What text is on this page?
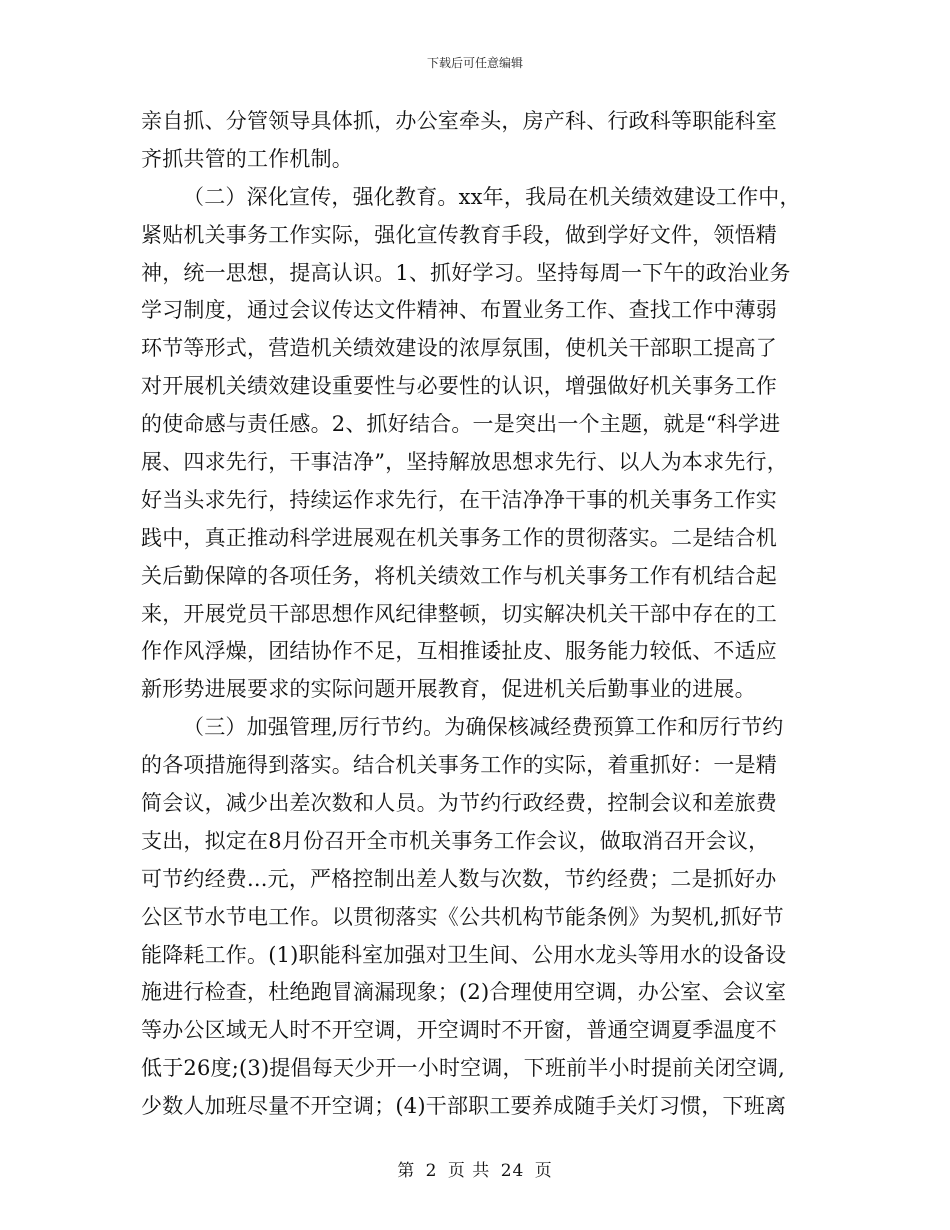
下载后可任意编辑
亲自抓、分管领导具体抓，办公室牵头，房产科、行政科等职能科室
齐抓共管的工作机制。
（二）深化宣传，强化教育。xx年，我局在机关绩效建设工作中，
紧贴机关事务工作实际，强化宣传教育手段，做到学好文件，领悟精
神，统一思想，提高认识。1、抓好学习。坚持每周一下午的政治业务
学习制度，通过会议传达文件精神、布置业务工作、查找工作中薄弱
环节等形式，营造机关绩效建设的浓厚氛围，使机关干部职工提高了
对开展机关绩效建设重要性与必要性的认识，增强做好机关事务工作
的使命感与责任感。2、抓好结合。一是突出一个主题，就是“科学进
展、四求先行，干事洁净”，坚持解放思想求先行、以人为本求先行，
好当头求先行，持续运作求先行，在干洁净净干事的机关事务工作实
践中，真正推动科学进展观在机关事务工作的贯彻落实。二是结合机
关后勤保障的各项任务，将机关绩效工作与机关事务工作有机结合起
来，开展党员干部思想作风纪律整顿，切实解决机关干部中存在的工
作作风浮燥，团结协作不足，互相推诿扯皮、服务能力较低、不适应
新形势进展要求的实际问题开展教育，促进机关后勤事业的进展。
（三）加强管理,厉行节约。为确保核减经费预算工作和厉行节约
的各项措施得到落实。结合机关事务工作的实际，着重抓好：一是精
简会议，减少出差次数和人员。为节约行政经费，控制会议和差旅费
支出，拟定在8月份召开全市机关事务工作会议，做取消召开会议，
可节约经费...元，严格控制出差人数与次数，节约经费；二是抓好办
公区节水节电工作。以贯彻落实《公共机构节能条例》为契机,抓好节
能降耗工作。(1)职能科室加强对卫生间、公用水龙头等用水的设备设
施进行检查，杜绝跑冒滴漏现象；(2)合理使用空调，办公室、会议室
等办公区域无人时不开空调，开空调时不开窗，普通空调夏季温度不
低于26度;(3)提倡每天少开一小时空调，下班前半小时提前关闭空调,
少数人加班尽量不开空调；(4)干部职工要养成随手关灯习惯，下班离
第 2 页 共 24 页
